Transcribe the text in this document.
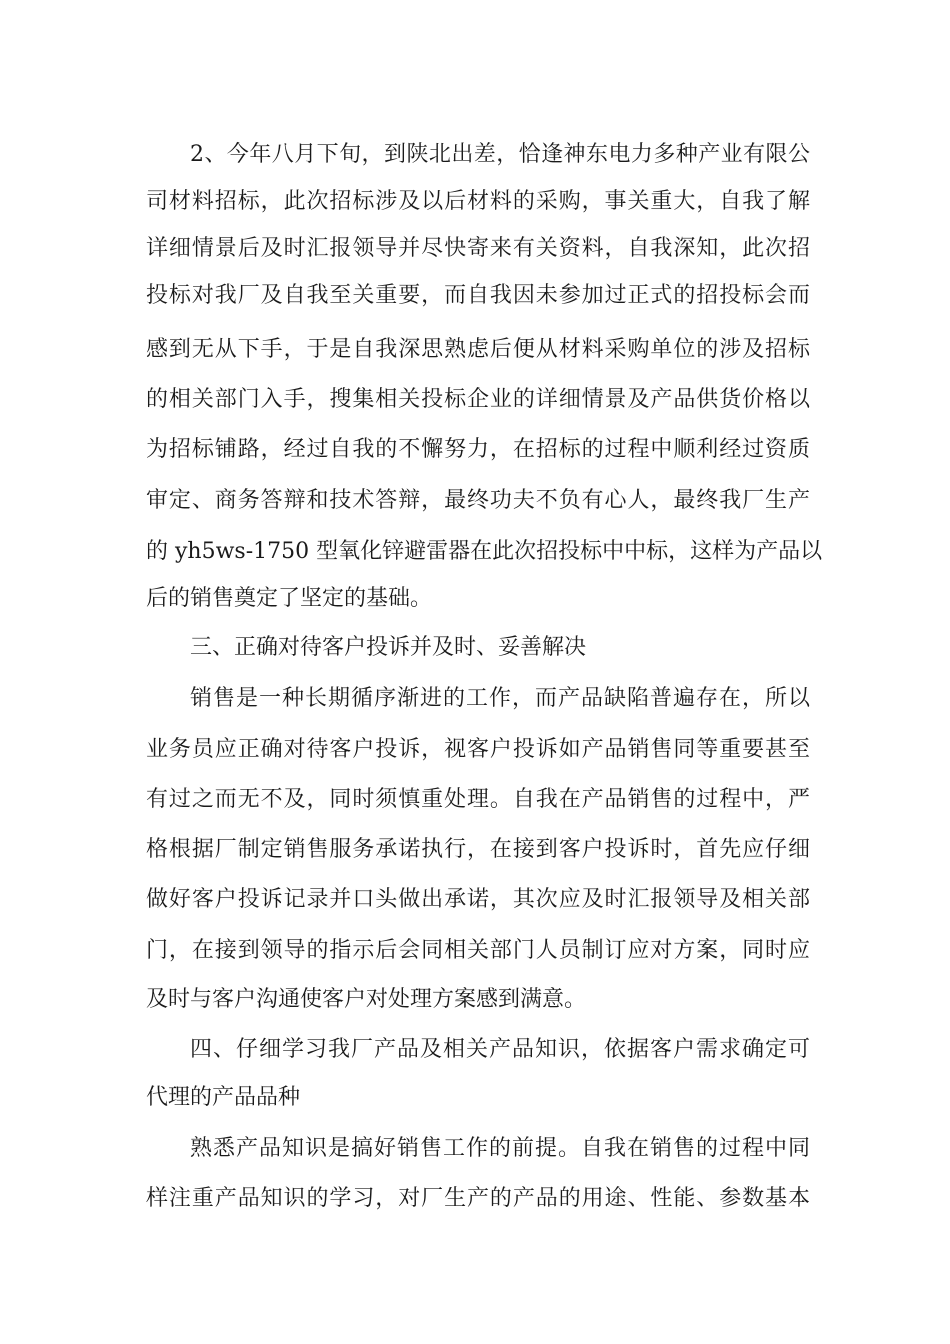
2、今年八月下旬，到陕北出差，恰逢神东电力多种产业有限公
司材料招标，此次招标涉及以后材料的采购，事关重大，自我了解
详细情景后及时汇报领导并尽快寄来有关资料，自我深知，此次招
投标对我厂及自我至关重要，而自我因未参加过正式的招投标会而
感到无从下手，于是自我深思熟虑后便从材料采购单位的涉及招标
的相关部门入手，搜集相关投标企业的详细情景及产品供货价格以
为招标铺路，经过自我的不懈努力，在招标的过程中顺利经过资质
审定、商务答辩和技术答辩，最终功夫不负有心人，最终我厂生产
的 yh5ws-1750 型氧化锌避雷器在此次招投标中中标，这样为产品以
后的销售奠定了坚定的基础。
三、正确对待客户投诉并及时、妥善解决
销售是一种长期循序渐进的工作，而产品缺陷普遍存在，所以
业务员应正确对待客户投诉，视客户投诉如产品销售同等重要甚至
有过之而无不及，同时须慎重处理。自我在产品销售的过程中，严
格根据厂制定销售服务承诺执行，在接到客户投诉时，首先应仔细
做好客户投诉记录并口头做出承诺，其次应及时汇报领导及相关部
门，在接到领导的指示后会同相关部门人员制订应对方案，同时应
及时与客户沟通使客户对处理方案感到满意。
四、仔细学习我厂产品及相关产品知识，依据客户需求确定可
代理的产品品种
熟悉产品知识是搞好销售工作的前提。自我在销售的过程中同
样注重产品知识的学习，对厂生产的产品的用途、性能、参数基本
